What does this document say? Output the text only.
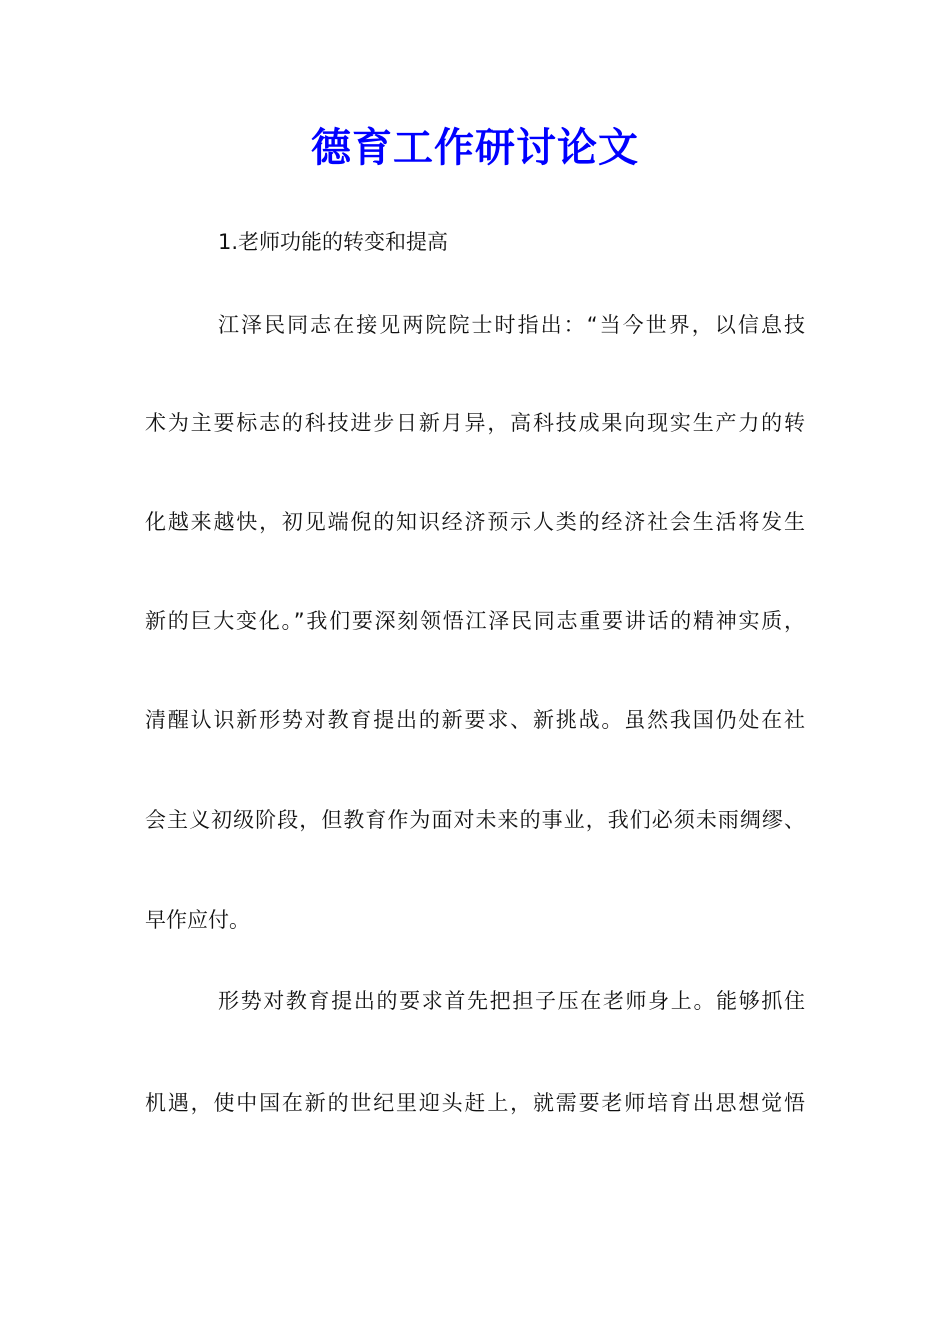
德育工作研讨论文
1.老师功能的转变和提高
江泽民同志在接见两院院士时指出：“当今世界，以信息技
术为主要标志的科技进步日新月异，高科技成果向现实生产力的转
化越来越快，初见端倪的知识经济预示人类的经济社会生活将发生
新的巨大变化。”我们要深刻领悟江泽民同志重要讲话的精神实质，
清醒认识新形势对教育提出的新要求、新挑战。虽然我国仍处在社
会主义初级阶段，但教育作为面对未来的事业，我们必须未雨绸缪、
早作应付。
形势对教育提出的要求首先把担子压在老师身上。能够抓住
机遇，使中国在新的世纪里迎头赶上，就需要老师培育出思想觉悟
